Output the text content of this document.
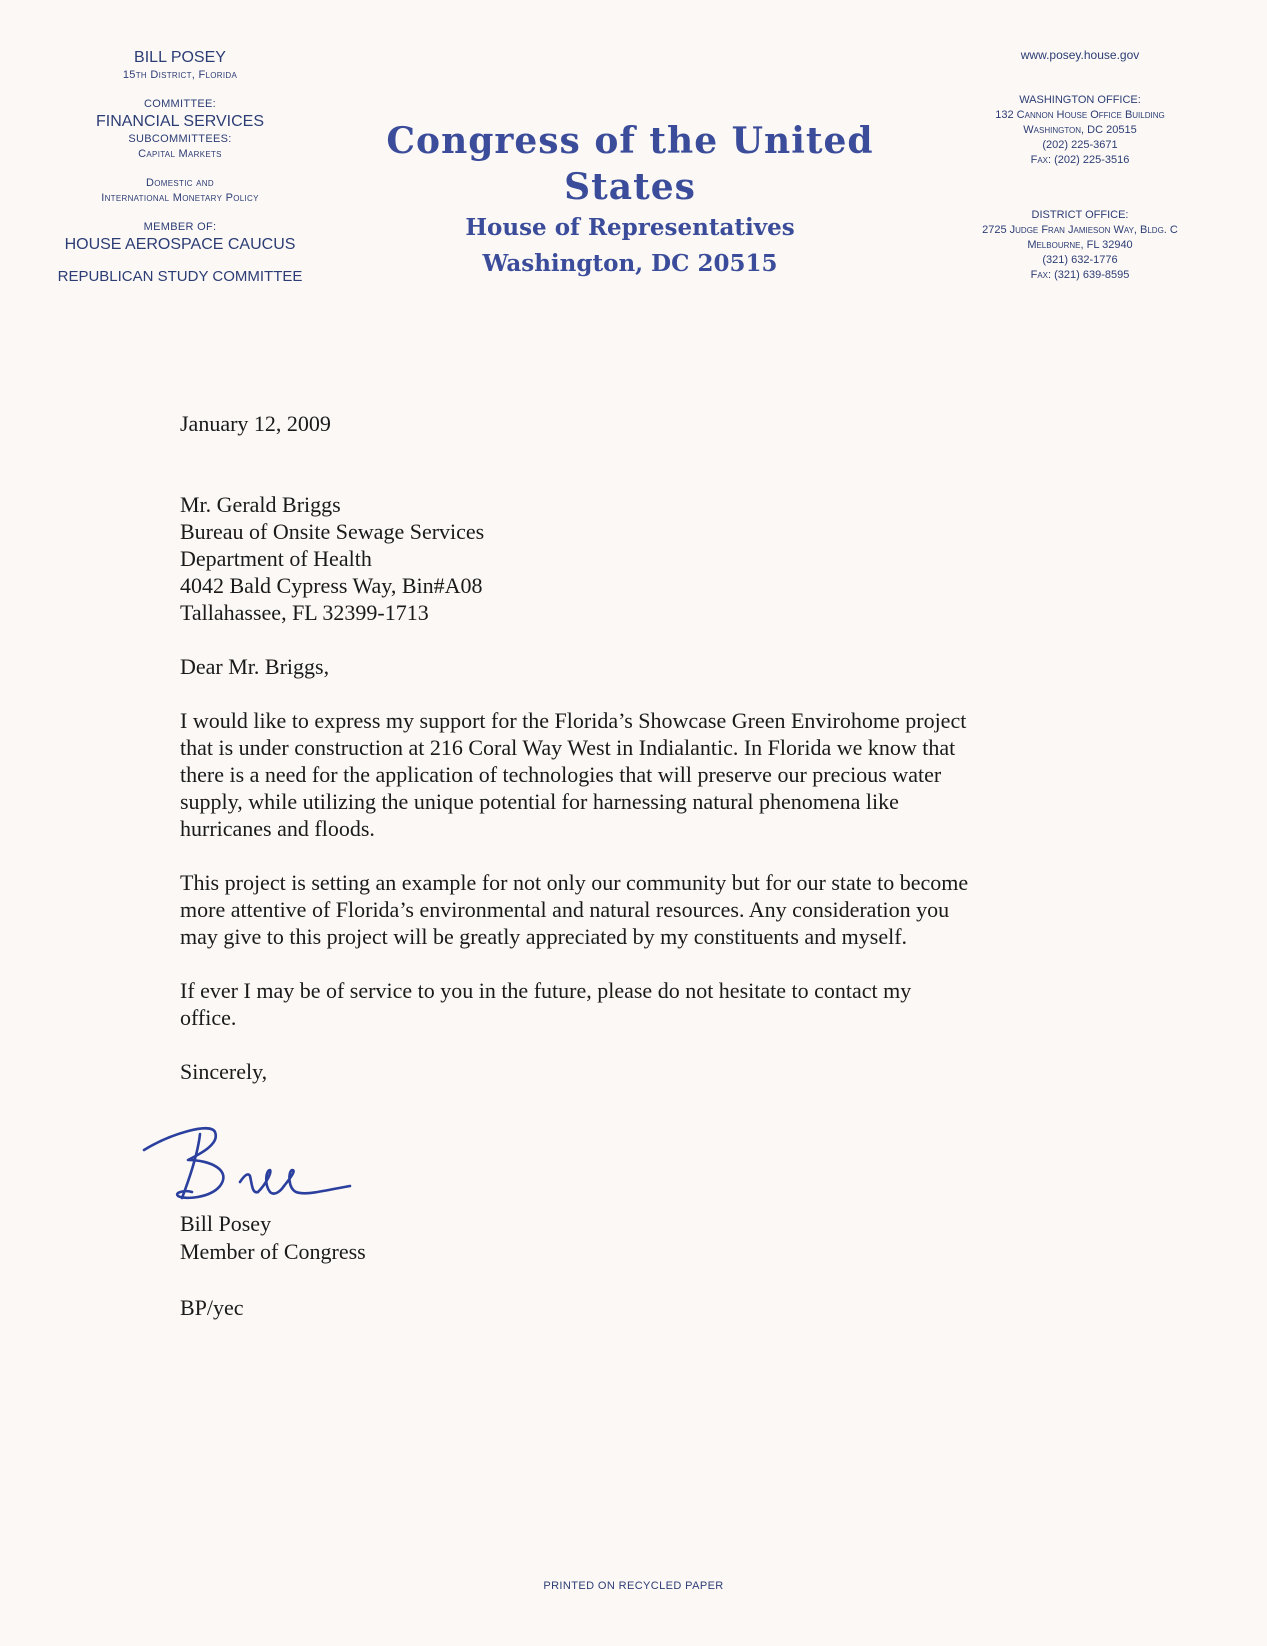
BILL POSEY
15th District, Florida
COMMITTEE:
FINANCIAL SERVICES
SUBCOMMITTEES:
Capital Markets
Domestic and
International Monetary Policy
MEMBER OF:
HOUSE AEROSPACE CAUCUS
REPUBLICAN STUDY COMMITTEE
Congress of the United States
House of Representatives
Washington, DC 20515
www.posey.house.gov
WASHINGTON OFFICE:
132 Cannon House Office Building
Washington, DC 20515
(202) 225-3671
Fax: (202) 225-3516
DISTRICT OFFICE:
2725 Judge Fran Jamieson Way, Bldg. C
Melbourne, FL 32940
(321) 632-1776
Fax: (321) 639-8595
January 12, 2009
Mr. Gerald Briggs
Bureau of Onsite Sewage Services
Department of Health
4042 Bald Cypress Way, Bin#A08
Tallahassee, FL 32399-1713
Dear Mr. Briggs,
I would like to express my support for the Florida’s Showcase Green Envirohome project
that is under construction at 216 Coral Way West in Indialantic. In Florida we know that
there is a need for the application of technologies that will preserve our precious water
supply, while utilizing the unique potential for harnessing natural phenomena like
hurricanes and floods.
This project is setting an example for not only our community but for our state to become
more attentive of Florida’s environmental and natural resources. Any consideration you
may give to this project will be greatly appreciated by my constituents and myself.
If ever I may be of service to you in the future, please do not hesitate to contact my
office.
Sincerely,
Bill Posey
Member of Congress
BP/yec
PRINTED ON RECYCLED PAPER
